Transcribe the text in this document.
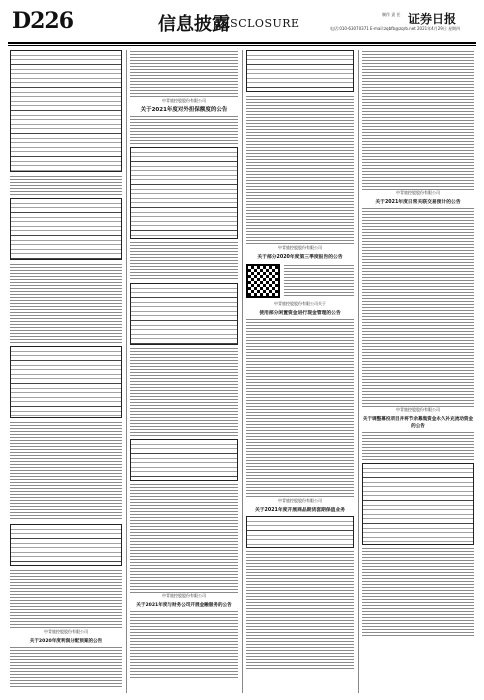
D226	信息披露
DISCLOSURE
制作 责 任 证券日报
电话:010-63070371 E-mail:zqbfb@zqrb.net 2021年4月29日 星期四
中青旅控股股份有限公司
关于2020年度利润分配预案的公告
中青旅控股股份有限公司
关于2021年度对外担保额度的公告
中青旅控股股份有限公司
关于2021年度与财务公司开展金融服务的公告
中青旅控股股份有限公司
关于部分2020年度第三季度报告的公告
中青旅控股股份有限公司关于
使用部分闲置资金进行现金管理的公告
中青旅控股股份有限公司
关于2021年度开展商品期货套期保值业务
中青旅控股股份有限公司
关于2021年度日常关联交易预计的公告
中青旅控股股份有限公司
关于调整募投项目并将节余募集资金永久补充流动资金的公告
